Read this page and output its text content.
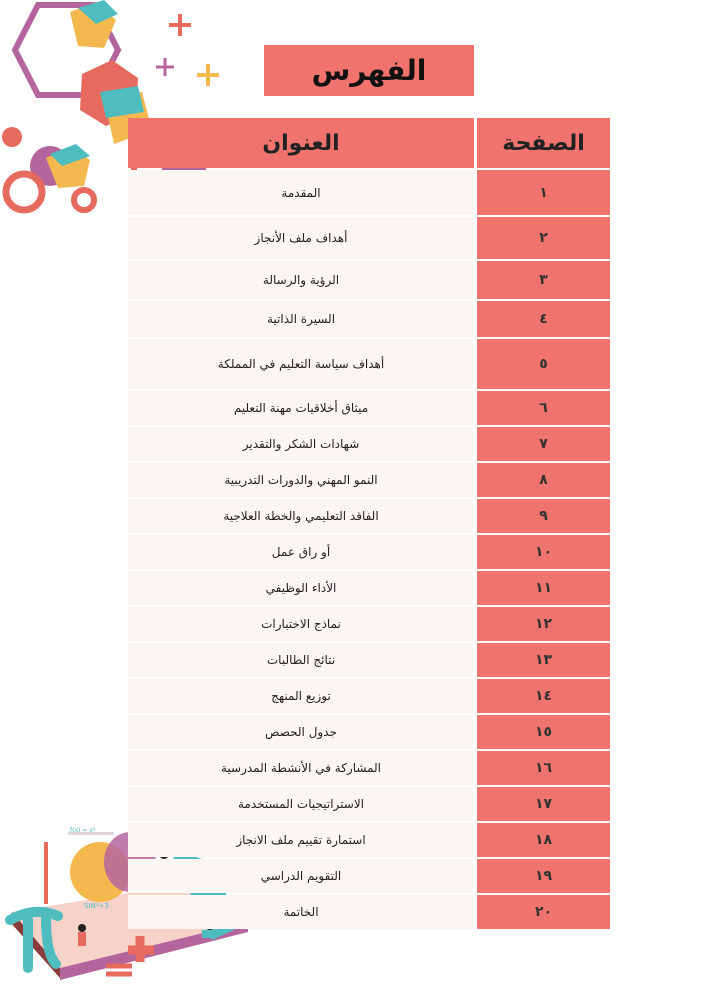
f(x) = x²
SIN²+3
الفهرس
العنوان	الصفحة
المقدمة	١
أهداف ملف الأنجاز	٢
الرؤية والرسالة	٣
السيرة الذاتية	٤
أهداف سياسة التعليم في المملكة	٥
ميثاق أخلاقيات مهنة التعليم	٦
شهادات الشكر والتقدير	٧
النمو المهني والدورات التدريبية	٨
الفاقد التعليمي والخطة العلاجية	٩
أو راق عمل	١٠
الأداء الوظيفي	١١
نماذج الاختبارات	١٢
نتائج الطالبات	١٣
توزيع المنهج	١٤
جدول الحصص	١٥
المشاركة في الأنشطة المدرسية	١٦
الاستراتيجيات المستخدمة	١٧
استمارة تقييم ملف الانجاز	١٨
التقويم الدراسي	١٩
الخاتمة	٢٠
